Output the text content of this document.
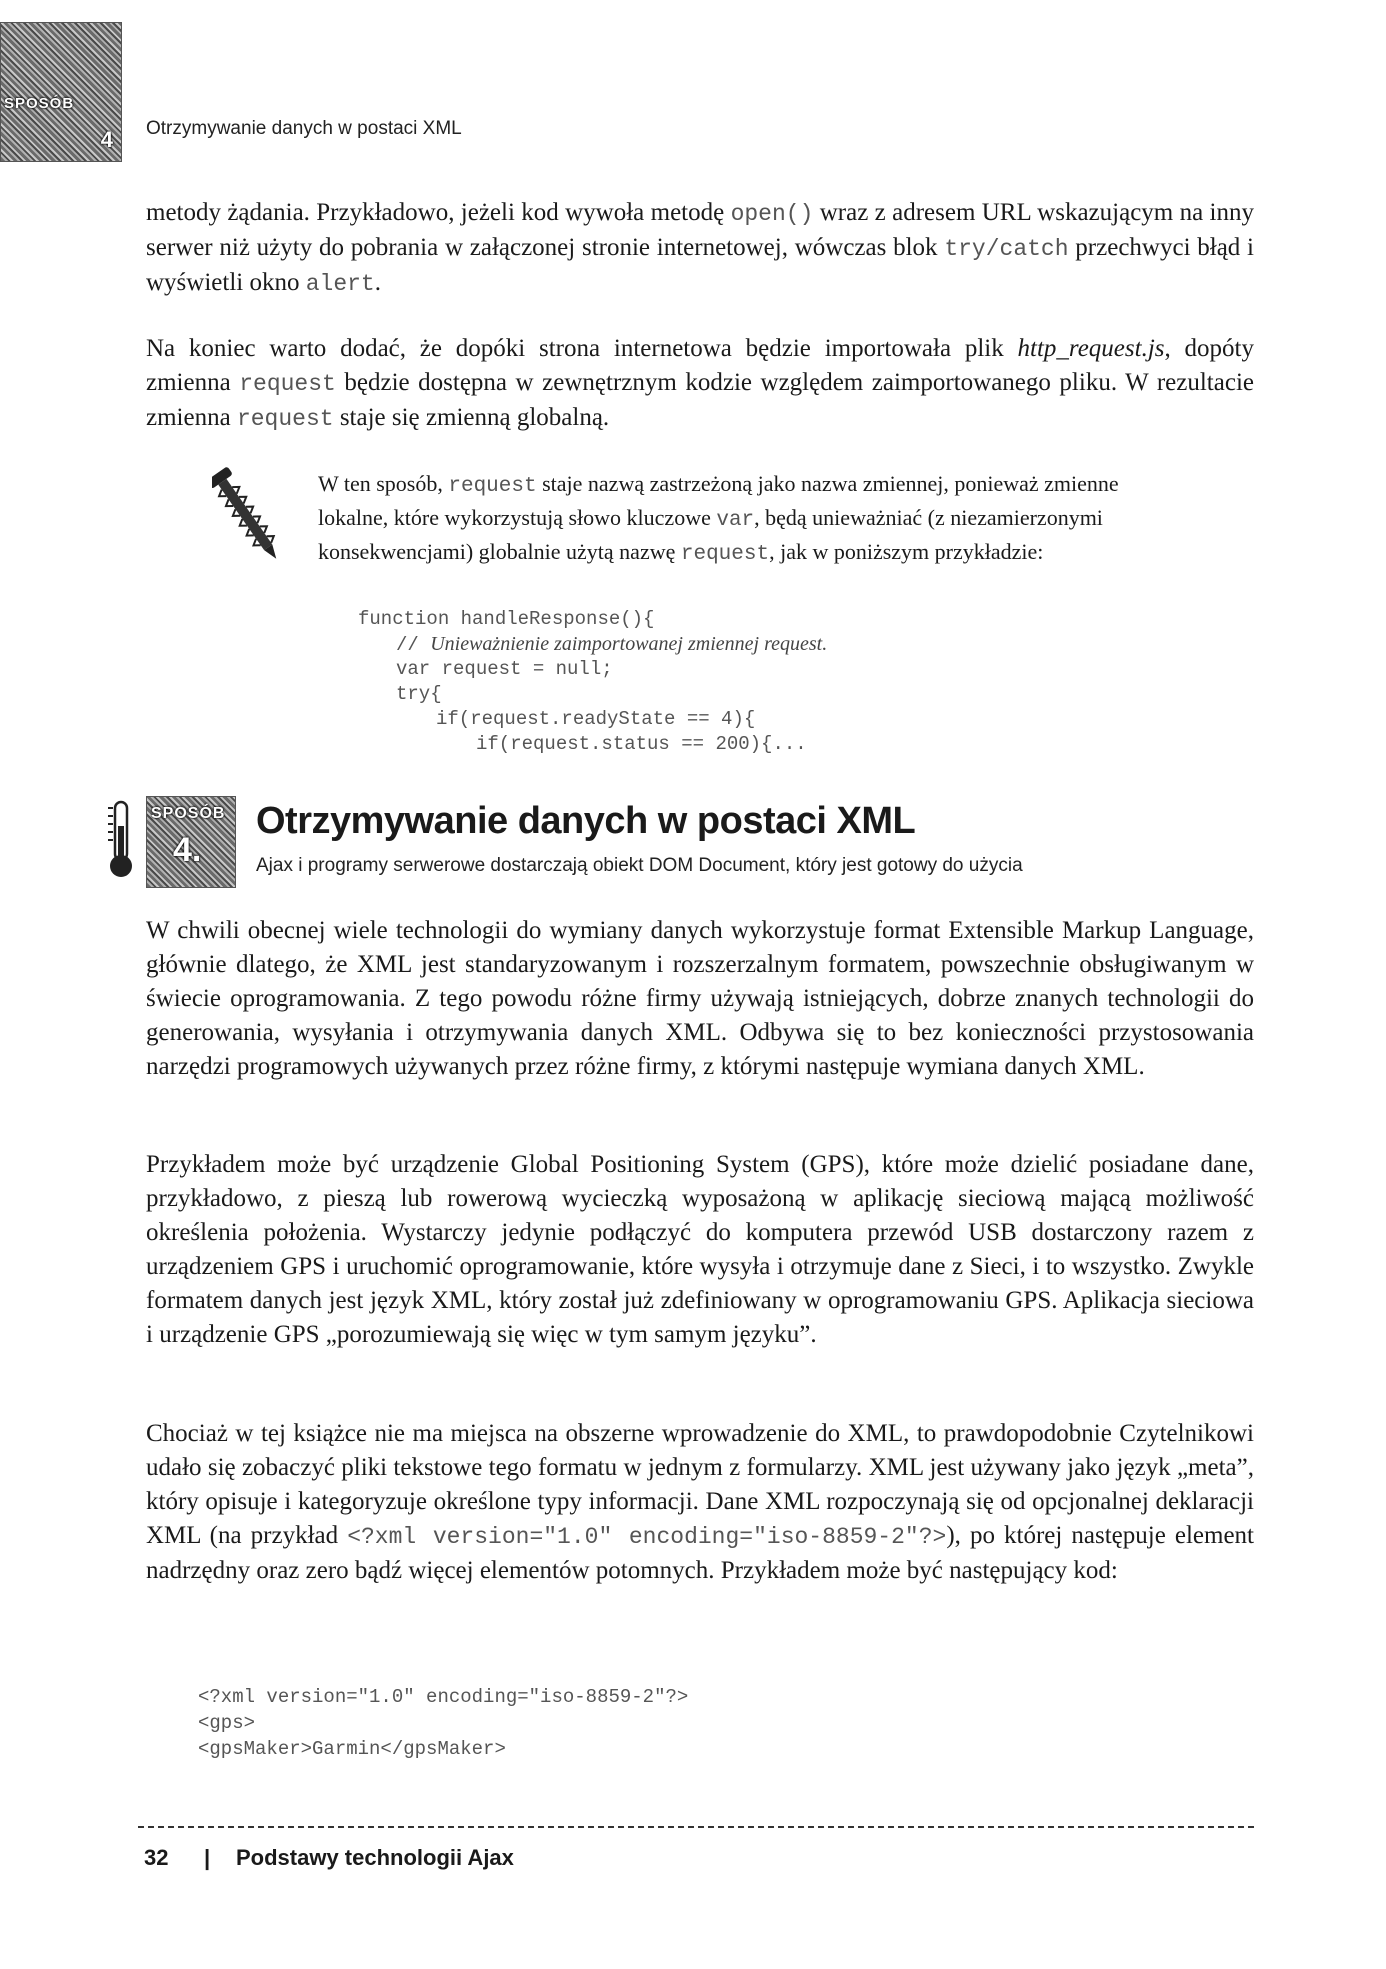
SPOSÓB
4 Otrzymywanie danych w postaci XML

metody żądania. Przykładowo, jeżeli kod wywoła metodę open() wraz z adresem URL wskazującym na inny serwer niż użyty do pobrania w załączonej stronie internetowej, wówczas blok try/catch przechwyci błąd i wyświetli okno alert.

Na koniec warto dodać, że dopóki strona internetowa będzie importowała plik http_request.js, dopóty zmienna request będzie dostępna w zewnętrznym kodzie względem zaimportowanego pliku. W rezultacie zmienna request staje się zmienną globalną.

W ten sposób, request staje nazwą zastrzeżoną jako nazwa zmiennej, ponieważ zmienne lokalne, które wykorzystują słowo kluczowe var, będą unieważniać (z niezamierzonymi konsekwencjami) globalnie użytą nazwę request, jak w poniższym przykładzie:

function handleResponse(){
// Unieważnienie zaimportowanej zmiennej request.
var request = null;
try{
if(request.readyState == 4){
if(request.status == 200){...
SPOSÓB
4.
Otrzymywanie danych w postaci XML
Ajax i programy serwerowe dostarczają obiekt DOM Document, który jest gotowy do użycia

W chwili obecnej wiele technologii do wymiany danych wykorzystuje format Extensible Markup Language, głównie dlatego, że XML jest standaryzowanym i rozszerzalnym formatem, powszechnie obsługiwanym w świecie oprogramowania. Z tego powodu różne firmy używają istniejących, dobrze znanych technologii do generowania, wysyłania i otrzymywania danych XML. Odbywa się to bez konieczności przystosowania narzędzi programowych używanych przez różne firmy, z którymi następuje wymiana danych XML.

Przykładem może być urządzenie Global Positioning System (GPS), które może dzielić posiadane dane, przykładowo, z pieszą lub rowerową wycieczką wyposażoną w aplikację sieciową mającą możliwość określenia położenia. Wystarczy jedynie podłączyć do komputera przewód USB dostarczony razem z urządzeniem GPS i uruchomić oprogramowanie, które wysyła i otrzymuje dane z Sieci, i to wszystko. Zwykle formatem danych jest język XML, który został już zdefiniowany w oprogramowaniu GPS. Aplikacja sieciowa i urządzenie GPS „porozumiewają się więc w tym samym języku”.

Chociaż w tej książce nie ma miejsca na obszerne wprowadzenie do XML, to prawdopodobnie Czytelnikowi udało się zobaczyć pliki tekstowe tego formatu w jednym z formularzy. XML jest używany jako język „meta”, który opisuje i kategoryzuje określone typy informacji. Dane XML rozpoczynają się od opcjonalnej deklaracji XML (na przykład <?xml version="1.0" encoding="iso-8859-2"?>), po której następuje element nadrzędny oraz zero bądź więcej elementów potomnych. Przykładem może być następujący kod:

<?xml version="1.0" encoding="iso-8859-2"?>
<gps>
<gpsMaker>Garmin</gpsMaker>
32 | Podstawy technologii Ajax
